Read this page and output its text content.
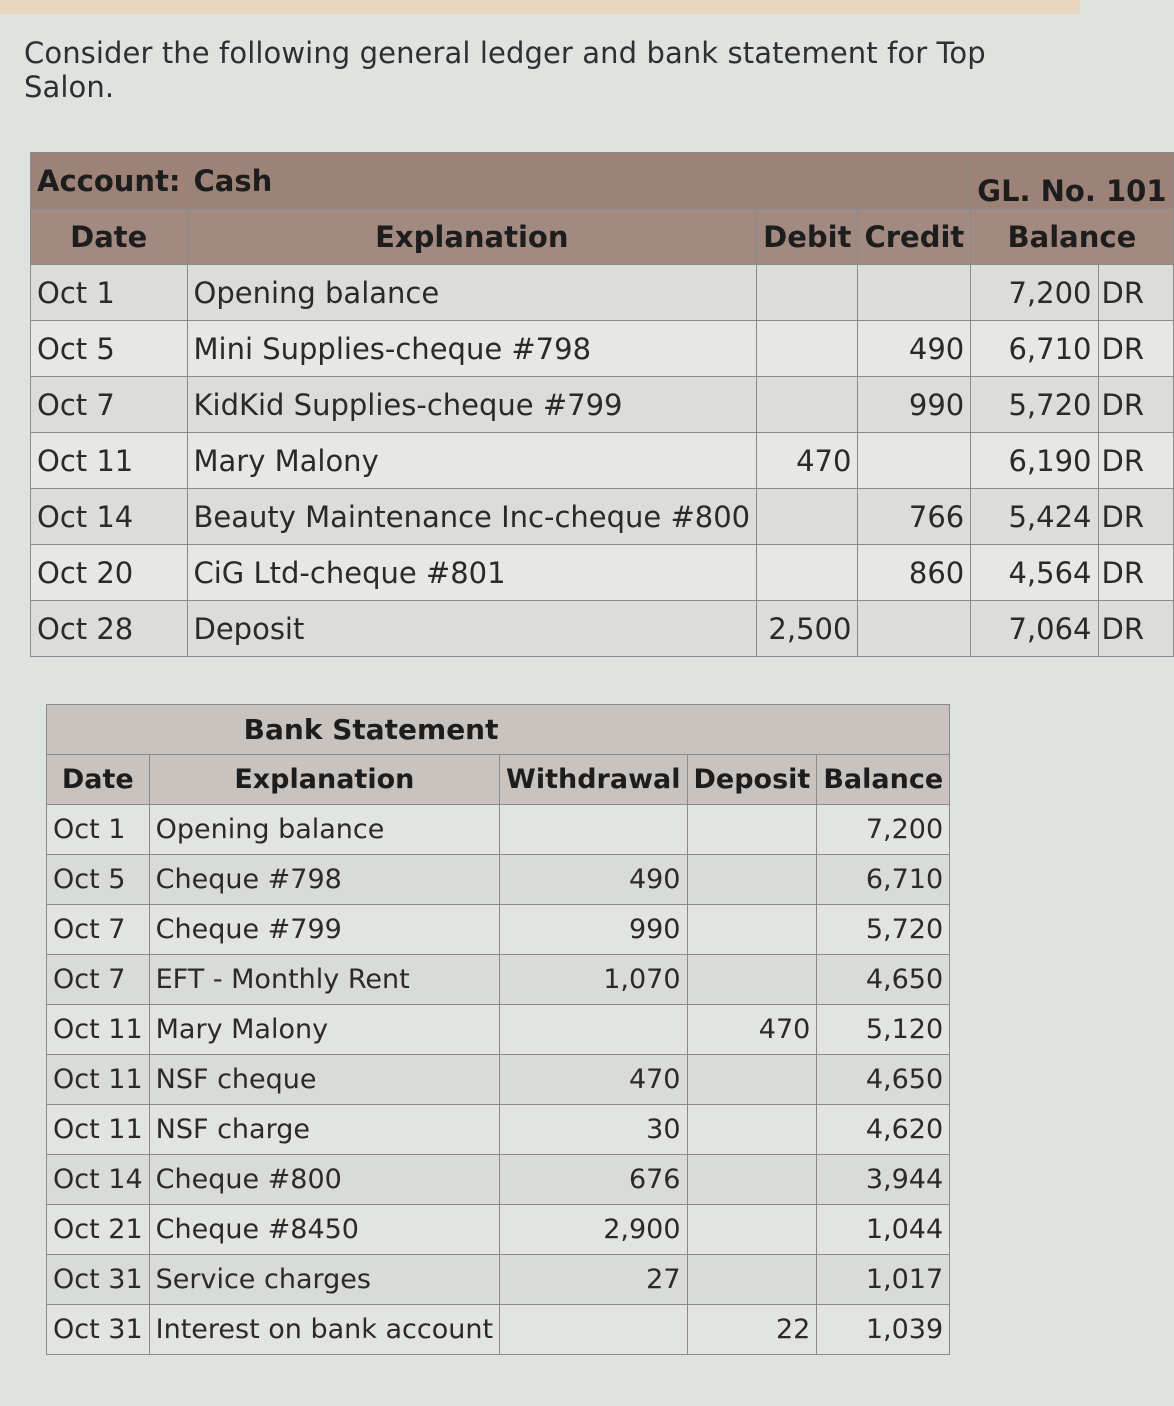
Consider the following general ledger and bank statement for Top Salon.
Account:	Cash			GL. No. 101	
Date	Explanation	Debit	Credit	Balance	
Oct 1	Opening balance			7,200	DR
Oct 5	Mini Supplies-cheque #798		490	6,710	DR
Oct 7	KidKid Supplies-cheque #799		990	5,720	DR
Oct 11	Mary Malony	470		6,190	DR
Oct 14	Beauty Maintenance Inc-cheque #800		766	5,424	DR
Oct 20	CiG Ltd-cheque #801		860	4,564	DR
Oct 28	Deposit	2,500		7,064	DR
Bank Statement				
Date	Explanation	Withdrawal	Deposit	Balance
Oct 1	Opening balance			7,200
Oct 5	Cheque #798	490		6,710
Oct 7	Cheque #799	990		5,720
Oct 7	EFT - Monthly Rent	1,070		4,650
Oct 11	Mary Malony		470	5,120
Oct 11	NSF cheque	470		4,650
Oct 11	NSF charge	30		4,620
Oct 14	Cheque #800	676		3,944
Oct 21	Cheque #8450	2,900		1,044
Oct 31	Service charges	27		1,017
Oct 31	Interest on bank account		22	1,039
